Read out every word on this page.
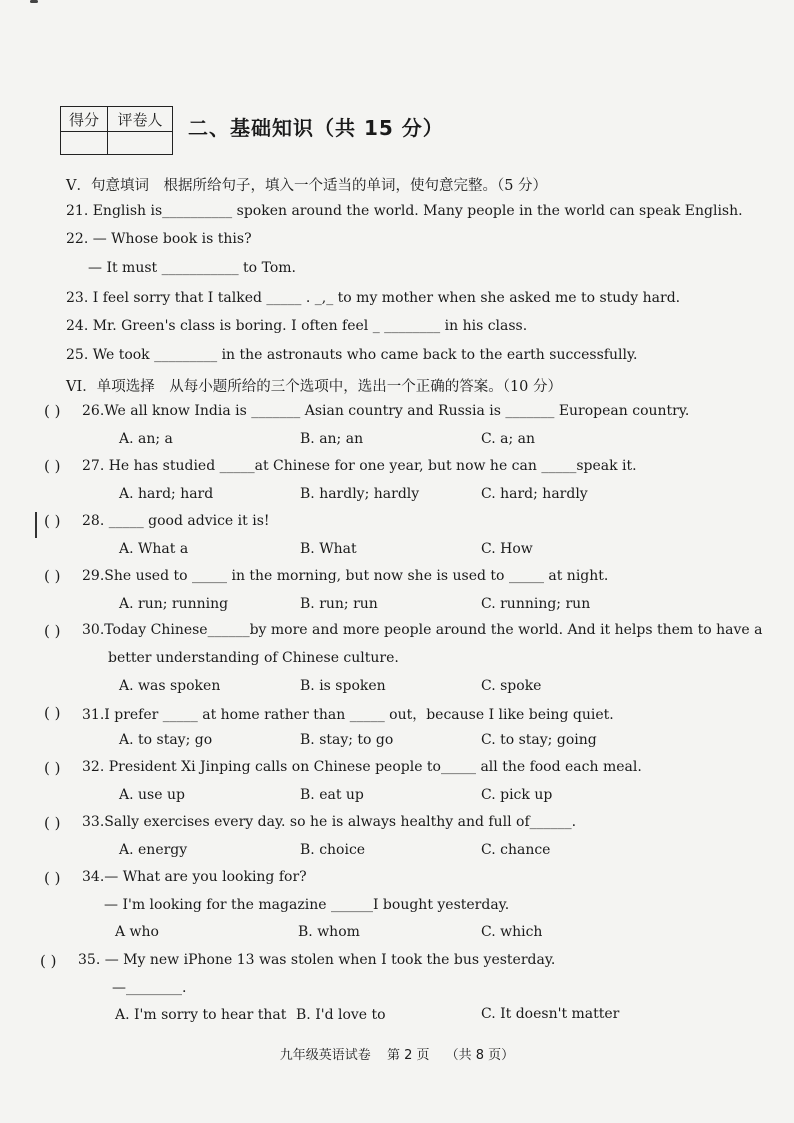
得分	评卷人
	二、基础知识（共 15 分）
V．句意填词　根据所给句子，填入一个适当的单词，使句意完整。（5 分）
21. English is__________ spoken around the world. Many people in the world can speak English.
22. — Whose book is this?
— It must ___________ to Tom.
23. I feel sorry that I talked _____ . _,_ to my mother when she asked me to study hard.
24. Mr. Green's class is boring. I often feel _ ________ in his class.
25. We took _________ in the astronauts who came back to the earth successfully.
VI．单项选择　从每小题所给的三个选项中，选出一个正确的答案。（10 分）
( ) 26.We all know India is _______ Asian country and Russia is _______ European country.
A. an; a	B. an; an	C. a; an
( ) 27. He has studied _____at Chinese for one year, but now he can _____speak it.
A. hard; hard	B. hardly; hardly	C. hard; hardly
( ) 28. _____ good advice it is!
A. What a	B. What	C. How
( ) 29.She used to _____ in the morning, but now she is used to _____ at night.
A. run; running	B. run; run	C. running; run
( ) 30.Today Chinese______by more and more people around the world. And it helps them to have a
better understanding of Chinese culture.
A. was spoken	B. is spoken	C. spoke
( ) 31.I prefer _____ at home rather than _____ out，because I like being quiet.
A. to stay; go	B. stay; to go	C. to stay; going
( ) 32. President Xi Jinping calls on Chinese people to_____ all the food each meal.
A. use up	B. eat up	C. pick up
( ) 33.Sally exercises every day. so he is always healthy and full of______.
A. energy	B. choice	C. chance
( ) 34.— What are you looking for?
— I'm looking for the magazine ______I bought yesterday.
A who	B. whom	C. which
( ) 35. — My new iPhone 13 was stolen when I took the bus yesterday.
—________.
A. I'm sorry to hear that B. I'd love to	C. It doesn't matter
九年级英语试卷 第 2 页 （共 8 页）
